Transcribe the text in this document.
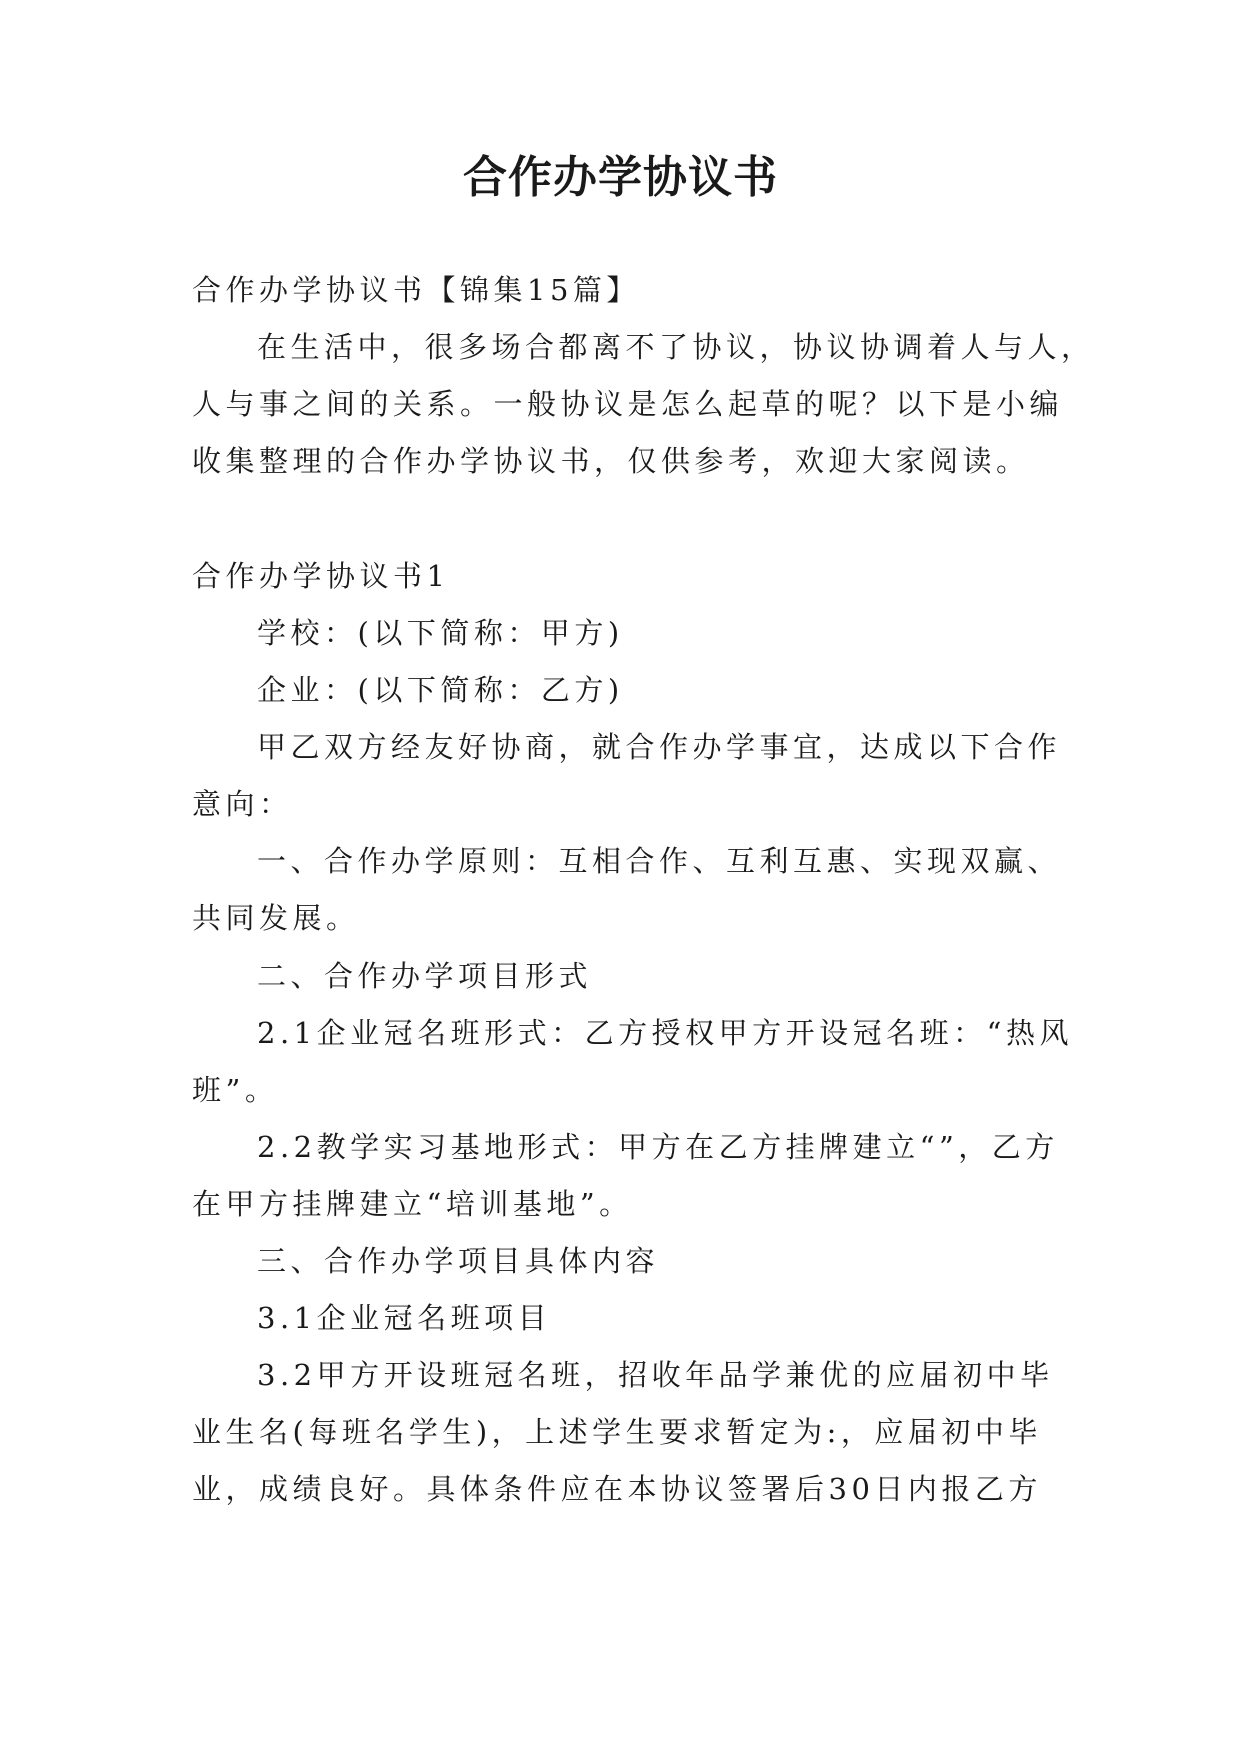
合作办学协议书

合作办学协议书【锦集15篇】

在生活中，很多场合都离不了协议，协议协调着人与人，

人与事之间的关系。一般协议是怎么起草的呢？以下是小编

收集整理的合作办学协议书，仅供参考，欢迎大家阅读。

合作办学协议书1

学校：(以下简称：甲方)

企业：(以下简称：乙方)

甲乙双方经友好协商，就合作办学事宜，达成以下合作

意向：

一、合作办学原则：互相合作、互利互惠、实现双赢、

共同发展。

二、合作办学项目形式

2.1企业冠名班形式：乙方授权甲方开设冠名班：“热风

班”。

2.2教学实习基地形式：甲方在乙方挂牌建立“”，乙方

在甲方挂牌建立“培训基地”。

三、合作办学项目具体内容

3.1企业冠名班项目

3.2甲方开设班冠名班，招收年品学兼优的应届初中毕

业生名(每班名学生)，上述学生要求暂定为:，应届初中毕

业，成绩良好。具体条件应在本协议签署后30日内报乙方
